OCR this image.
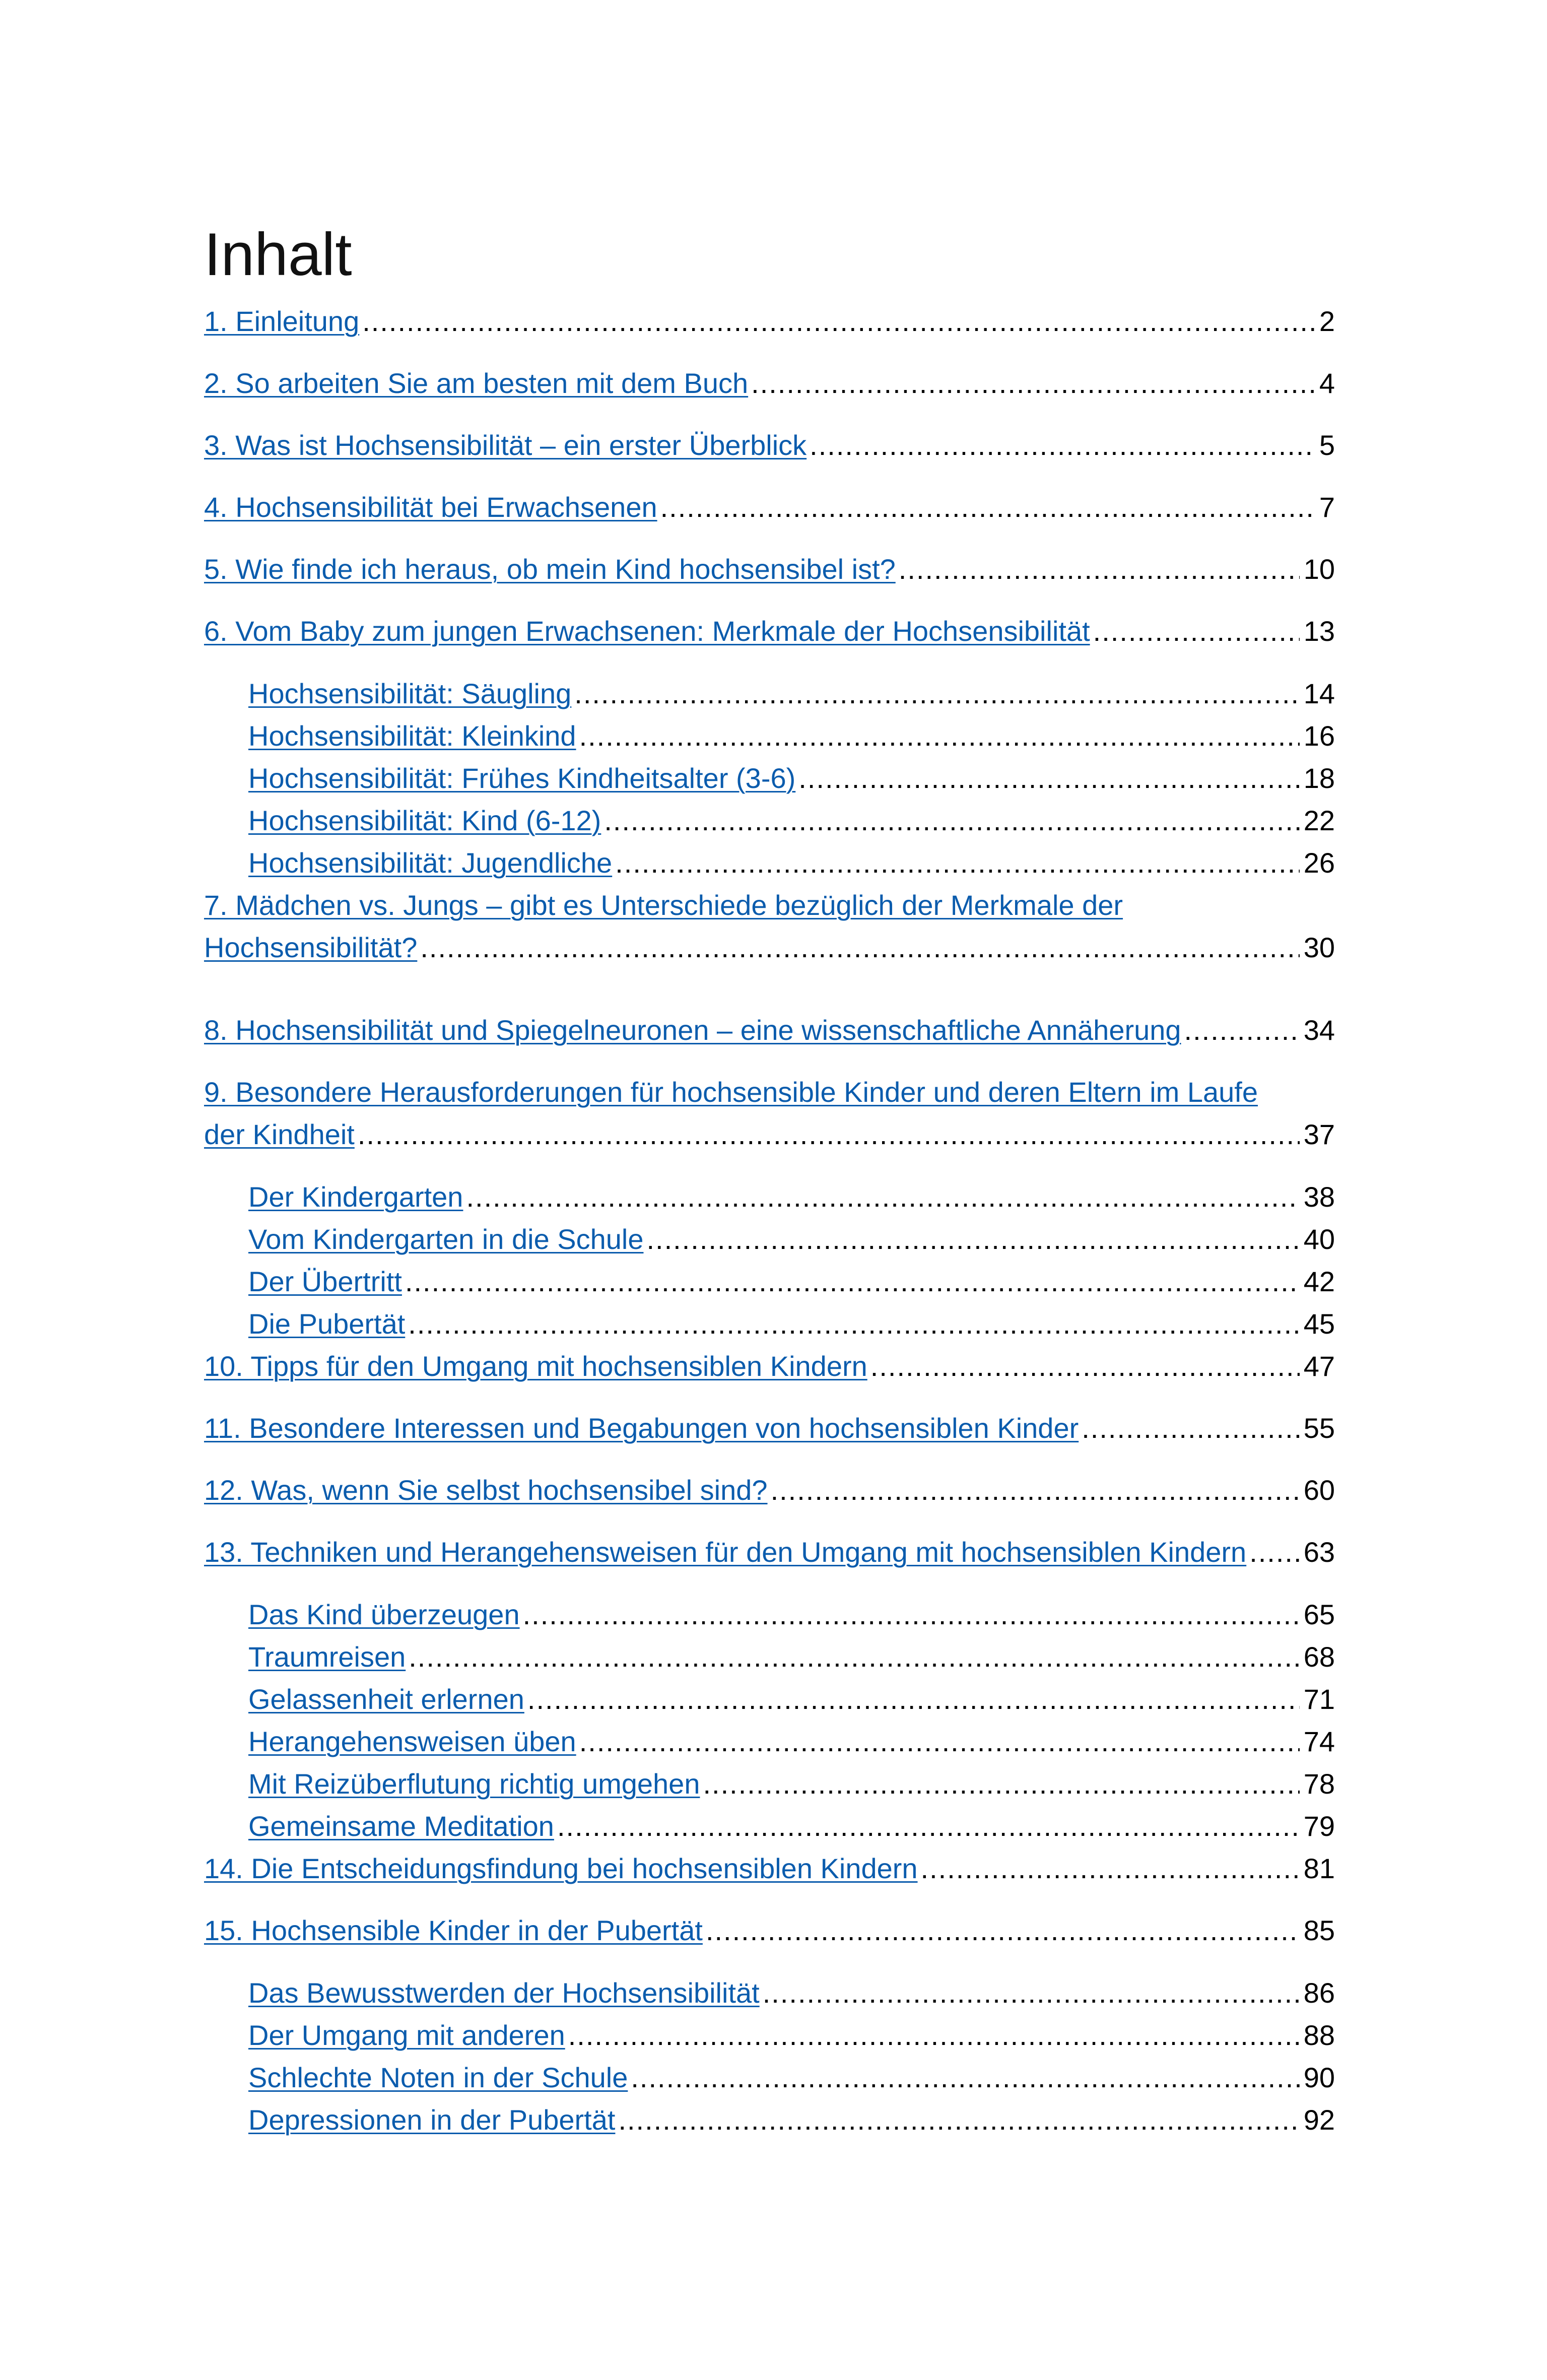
Inhalt
1. Einleitung .....	2
2. So arbeiten Sie am besten mit dem Buch .....	4
3. Was ist Hochsensibilität – ein erster Überblick .....	5
4. Hochsensibilität bei Erwachsenen .....	7
5. Wie finde ich heraus, ob mein Kind hochsensibel ist? .....	10
6. Vom Baby zum jungen Erwachsenen: Merkmale der Hochsensibilität .....	13
Hochsensibilität: Säugling .....	14
Hochsensibilität: Kleinkind .....	16
Hochsensibilität: Frühes Kindheitsalter (3-6) .....	18
Hochsensibilität: Kind (6-12) .....	22
Hochsensibilität: Jugendliche .....	26
7. Mädchen vs. Jungs – gibt es Unterschiede bezüglich der Merkmale der
Hochsensibilität? .....	30
8. Hochsensibilität und Spiegelneuronen – eine wissenschaftliche Annäherung .....	34
9. Besondere Herausforderungen für hochsensible Kinder und deren Eltern im Laufe
der Kindheit .....	37
Der Kindergarten .....	38
Vom Kindergarten in die Schule .....	40
Der Übertritt .....	42
Die Pubertät .....	45
10. Tipps für den Umgang mit hochsensiblen Kindern .....	47
11. Besondere Interessen und Begabungen von hochsensiblen Kinder .....	55
12. Was, wenn Sie selbst hochsensibel sind? .....	60
13. Techniken und Herangehensweisen für den Umgang mit hochsensiblen Kindern ..... 63
Das Kind überzeugen .....	65
Traumreisen .....	68
Gelassenheit erlernen .....	71
Herangehensweisen üben .....	74
Mit Reizüberflutung richtig umgehen .....	78
Gemeinsame Meditation .....	79
14. Die Entscheidungsfindung bei hochsensiblen Kindern .....	81
15. Hochsensible Kinder in der Pubertät .....	85
Das Bewusstwerden der Hochsensibilität .....	86
Der Umgang mit anderen .....	88
Schlechte Noten in der Schule .....	90
Depressionen in der Pubertät .....	92
